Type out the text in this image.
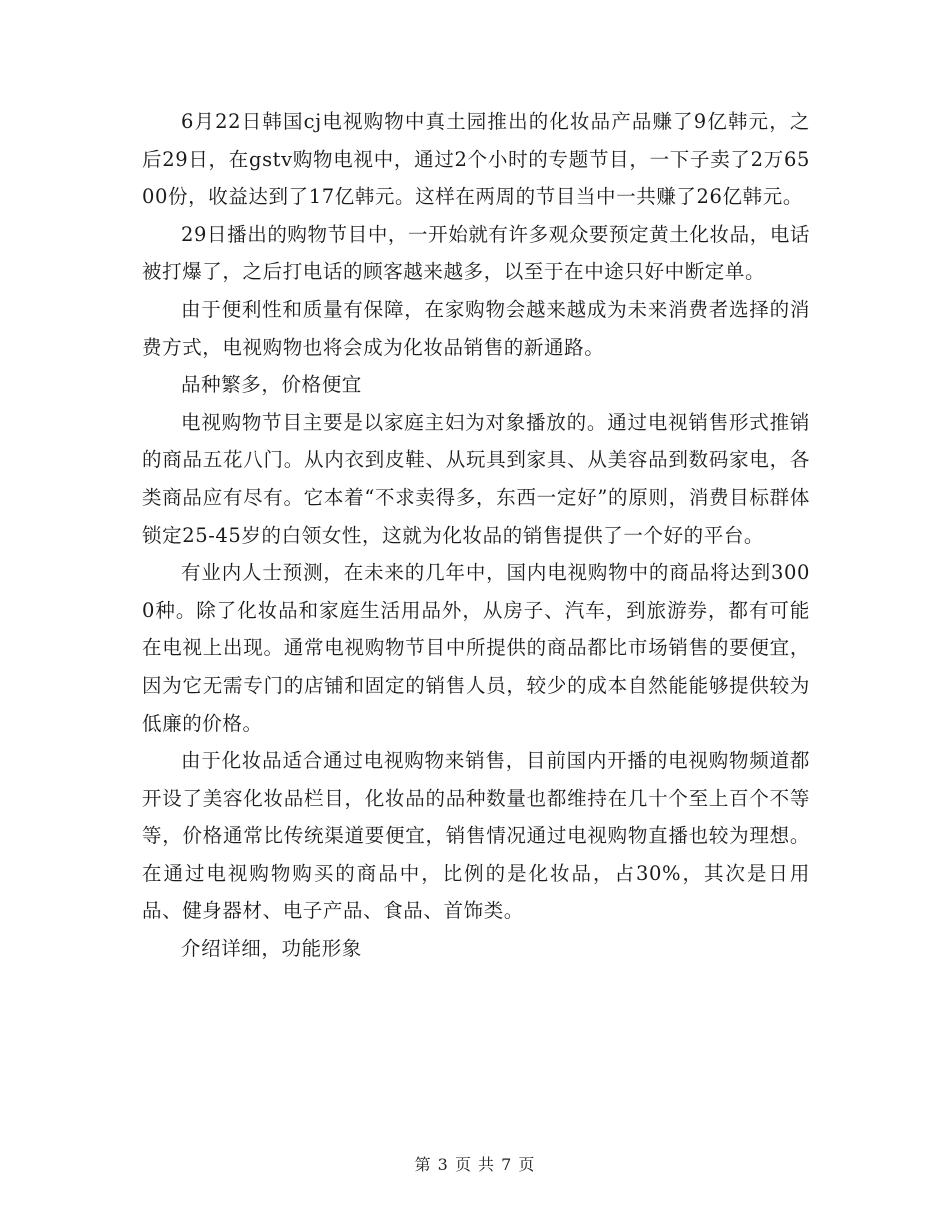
6月22日韩国cj电视购物中真土园推出的化妆品产品赚了9亿韩元，之后29日，在gstv购物电视中，通过2个小时的专题节目，一下子卖了2万6500份，收益达到了17亿韩元。这样在两周的节目当中一共赚了26亿韩元。

29日播出的购物节目中，一开始就有许多观众要预定黄土化妆品，电话被打爆了，之后打电话的顾客越来越多，以至于在中途只好中断定单。

由于便利性和质量有保障，在家购物会越来越成为未来消费者选择的消费方式，电视购物也将会成为化妆品销售的新通路。

品种繁多，价格便宜

电视购物节目主要是以家庭主妇为对象播放的。通过电视销售形式推销的商品五花八门。从内衣到皮鞋、从玩具到家具、从美容品到数码家电，各类商品应有尽有。它本着“不求卖得多，东西一定好”的原则，消费目标群体锁定25-45岁的白领女性，这就为化妆品的销售提供了一个好的平台。

有业内人士预测，在未来的几年中，国内电视购物中的商品将达到3000种。除了化妆品和家庭生活用品外，从房子、汽车，到旅游券，都有可能在电视上出现。通常电视购物节目中所提供的商品都比市场销售的要便宜，因为它无需专门的店铺和固定的销售人员，较少的成本自然能能够提供较为低廉的价格。

由于化妆品适合通过电视购物来销售，目前国内开播的电视购物频道都开设了美容化妆品栏目，化妆品的品种数量也都维持在几十个至上百个不等等，价格通常比传统渠道要便宜，销售情况通过电视购物直播也较为理想。在通过电视购物购买的商品中，比例的是化妆品，占30%，其次是日用品、健身器材、电子产品、食品、首饰类。

介绍详细，功能形象

第 3 页 共 7 页
